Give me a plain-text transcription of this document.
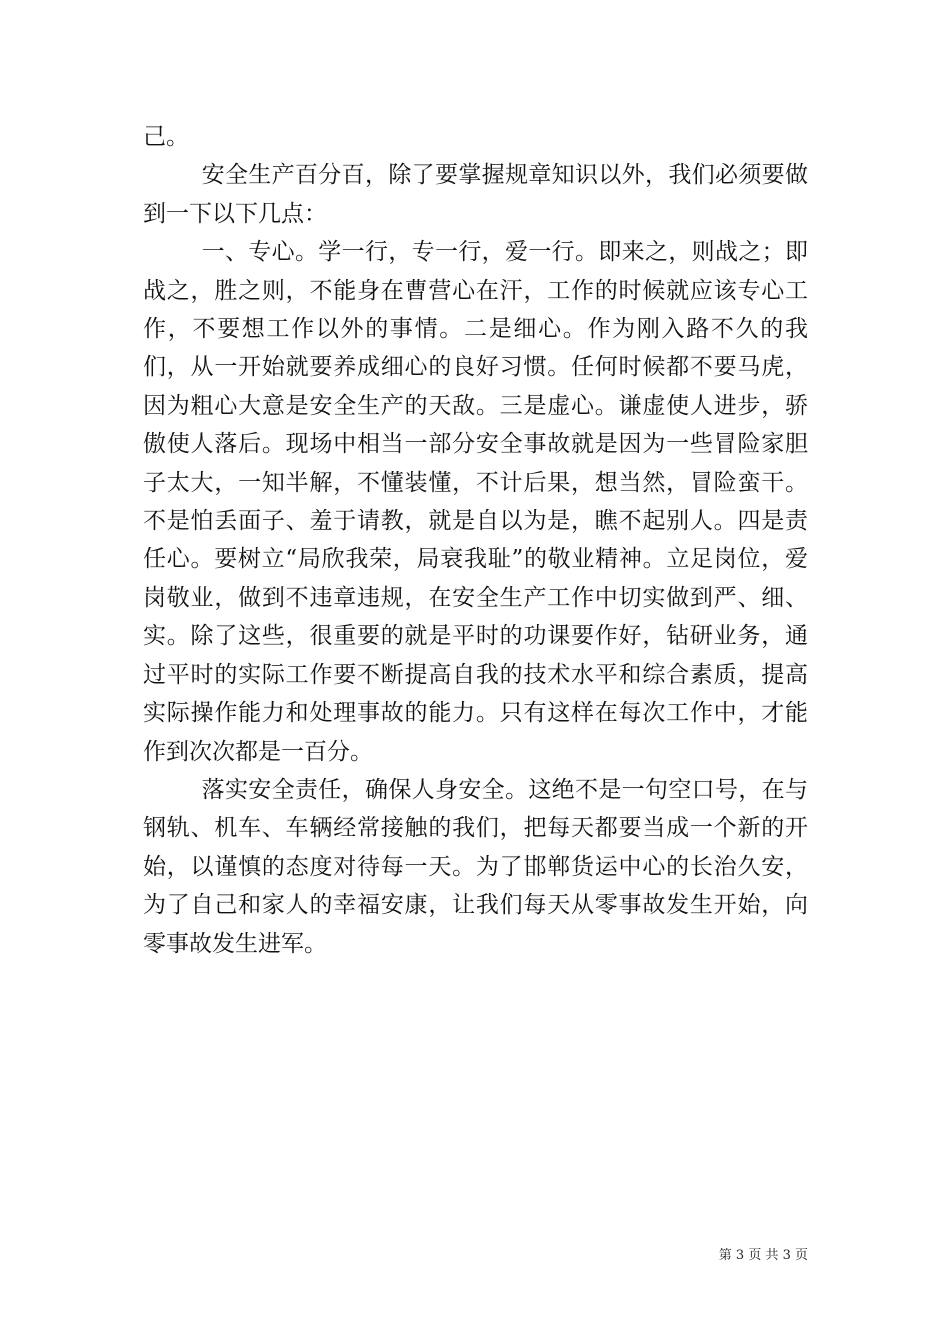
己。

安全生产百分百，除了要掌握规章知识以外，我们必须要做到一下以下几点：

一、专心。学一行，专一行，爱一行。即来之，则战之；即战之，胜之则，不能身在曹营心在汗，工作的时候就应该专心工作，不要想工作以外的事情。二是细心。作为刚入路不久的我们，从一开始就要养成细心的良好习惯。任何时候都不要马虎，因为粗心大意是安全生产的天敌。三是虚心。谦虚使人进步，骄傲使人落后。现场中相当一部分安全事故就是因为一些冒险家胆子太大，一知半解，不懂装懂，不计后果，想当然，冒险蛮干。不是怕丢面子、羞于请教，就是自以为是，瞧不起别人。四是责任心。要树立“局欣我荣，局衰我耻”的敬业精神。立足岗位，爱岗敬业，做到不违章违规，在安全生产工作中切实做到严、细、实。除了这些，很重要的就是平时的功课要作好，钻研业务，通过平时的实际工作要不断提高自我的技术水平和综合素质，提高实际操作能力和处理事故的能力。只有这样在每次工作中，才能作到次次都是一百分。

落实安全责任，确保人身安全。这绝不是一句空口号，在与钢轨、机车、车辆经常接触的我们，把每天都要当成一个新的开始，以谨慎的态度对待每一天。为了邯郸货运中心的长治久安，为了自己和家人的幸福安康，让我们每天从零事故发生开始，向零事故发生进军。

第 3 页 共 3 页
